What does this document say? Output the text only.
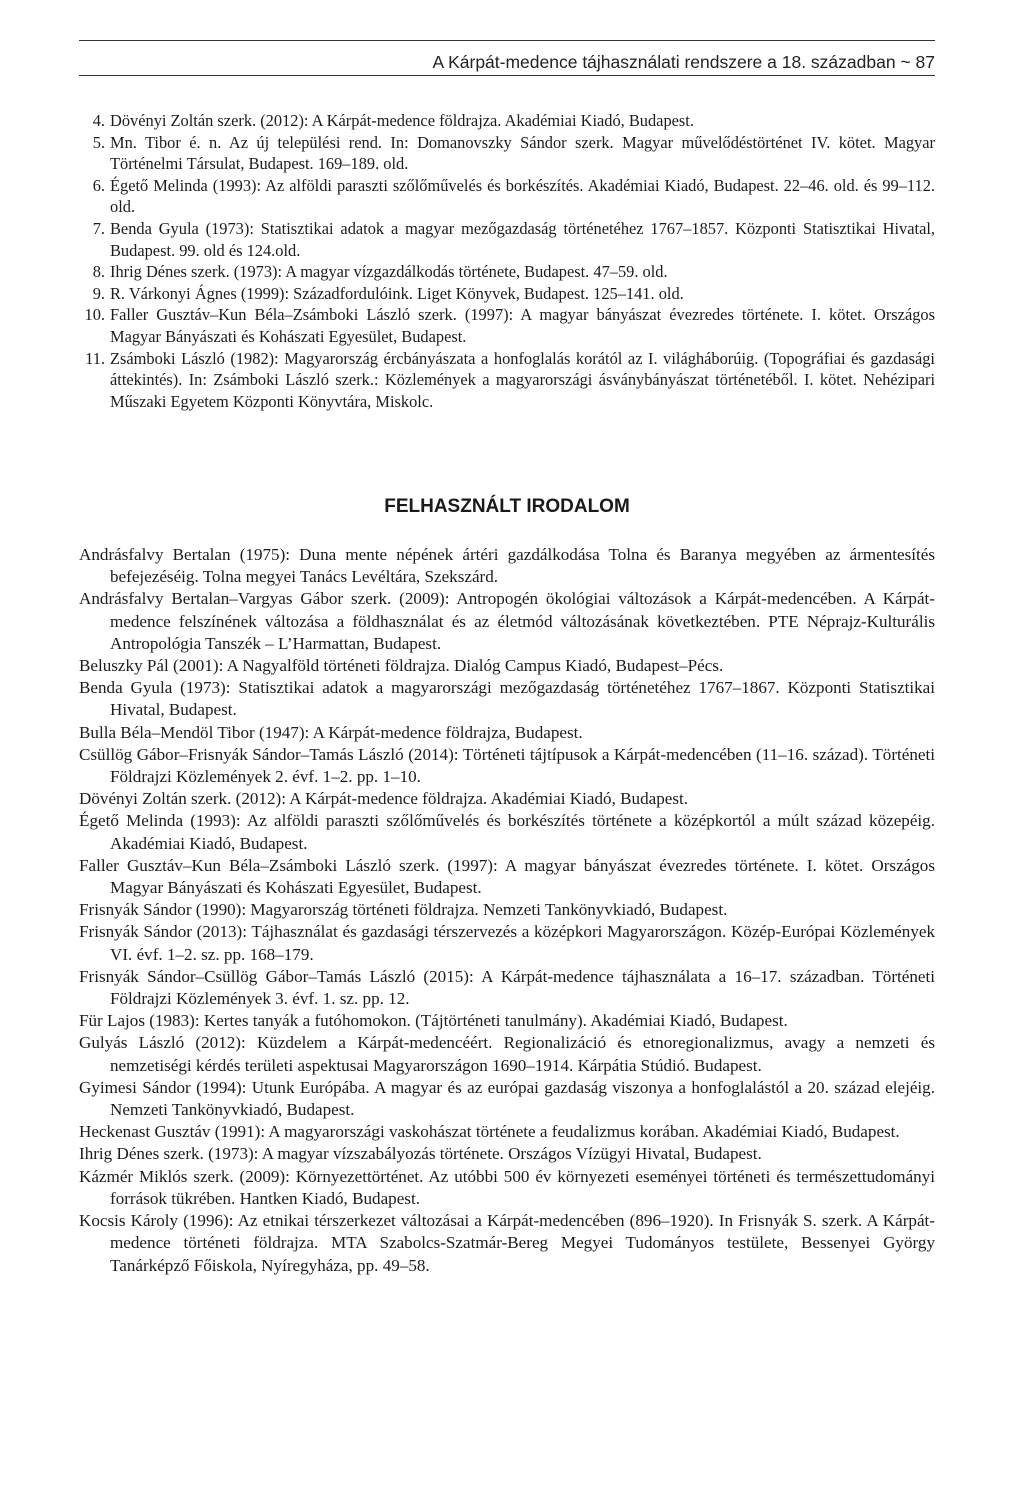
A Kárpát-medence tájhasználati rendszere a 18. században ~ 87
4. Dövényi Zoltán szerk. (2012): A Kárpát-medence földrajza. Akadémiai Kiadó, Budapest.
5. Mn. Tibor é. n. Az új települési rend. In: Domanovszky Sándor szerk. Magyar művelődéstörténet IV. kötet. Magyar Történelmi Társulat, Budapest. 169–189. old.
6. Égető Melinda (1993): Az alföldi paraszti szőlőművelés és borkészítés. Akadémiai Kiadó, Budapest. 22–46. old. és 99–112. old.
7. Benda Gyula (1973): Statisztikai adatok a magyar mezőgazdaság történetéhez 1767–1857. Központi Statisztikai Hivatal, Budapest. 99. old és 124.old.
8. Ihrig Dénes szerk. (1973): A magyar vízgazdálkodás története, Budapest. 47–59. old.
9. R. Várkonyi Ágnes (1999): Századfordulóink. Liget Könyvek, Budapest. 125–141. old.
10. Faller Gusztáv–Kun Béla–Zsámboki László szerk. (1997): A magyar bányászat évezredes története. I. kötet. Országos Magyar Bányászati és Kohászati Egyesület, Budapest.
11. Zsámboki László (1982): Magyarország ércbányászata a honfoglalás korától az I. világháborúig. (Topográfiai és gazdasági áttekintés). In: Zsámboki László szerk.: Közlemények a magyarországi ásványbányászat történetéből. I. kötet. Nehézipari Műszaki Egyetem Központi Könyvtára, Miskolc.
FELHASZNÁLT IRODALOM
Andrásfalvy Bertalan (1975): Duna mente népének ártéri gazdálkodása Tolna és Baranya megyében az ármentesítés befejezéséig. Tolna megyei Tanács Levéltára, Szekszárd.
Andrásfalvy Bertalan–Vargyas Gábor szerk. (2009): Antropogén ökológiai változások a Kárpát-medencében. A Kárpát-medence felszínének változása a földhasználat és az életmód változásának következtében. PTE Néprajz-Kulturális Antropológia Tanszék – L’Harmattan, Budapest.
Beluszky Pál (2001): A Nagyalföld történeti földrajza. Dialóg Campus Kiadó, Budapest–Pécs.
Benda Gyula (1973): Statisztikai adatok a magyarországi mezőgazdaság történetéhez 1767–1867. Központi Statisztikai Hivatal, Budapest.
Bulla Béla–Mendöl Tibor (1947): A Kárpát-medence földrajza, Budapest.
Csüllög Gábor–Frisnyák Sándor–Tamás László (2014): Történeti tájtípusok a Kárpát-medencében (11–16. század). Történeti Földrajzi Közlemények 2. évf. 1–2. pp. 1–10.
Dövényi Zoltán szerk. (2012): A Kárpát-medence földrajza. Akadémiai Kiadó, Budapest.
Égető Melinda (1993): Az alföldi paraszti szőlőművelés és borkészítés története a középkortól a múlt század közepéig. Akadémiai Kiadó, Budapest.
Faller Gusztáv–Kun Béla–Zsámboki László szerk. (1997): A magyar bányászat évezredes története. I. kötet. Országos Magyar Bányászati és Kohászati Egyesület, Budapest.
Frisnyák Sándor (1990): Magyarország történeti földrajza. Nemzeti Tankönyvkiadó, Budapest.
Frisnyák Sándor (2013): Tájhasználat és gazdasági térszervezés a középkori Magyarországon. Közép-Európai Közlemények VI. évf. 1–2. sz. pp. 168–179.
Frisnyák Sándor–Csüllög Gábor–Tamás László (2015): A Kárpát-medence tájhasználata a 16–17. században. Történeti Földrajzi Közlemények 3. évf. 1. sz. pp. 12.
Für Lajos (1983): Kertes tanyák a futóhomokon. (Tájtörténeti tanulmány). Akadémiai Kiadó, Budapest.
Gulyás László (2012): Küzdelem a Kárpát-medencéért. Regionalizáció és etnoregionalizmus, avagy a nemzeti és nemzetiségi kérdés területi aspektusai Magyarországon 1690–1914. Kárpátia Stúdió. Budapest.
Gyimesi Sándor (1994): Utunk Európába. A magyar és az európai gazdaság viszonya a honfoglalástól a 20. század elejéig. Nemzeti Tankönyvkiadó, Budapest.
Heckenast Gusztáv (1991): A magyarországi vaskohászat története a feudalizmus korában. Akadémiai Kiadó, Budapest.
Ihrig Dénes szerk. (1973): A magyar vízszabályozás története. Országos Vízügyi Hivatal, Budapest.
Kázmér Miklós szerk. (2009): Környezettörténet. Az utóbbi 500 év környezeti eseményei történeti és természettudományi források tükrében. Hantken Kiadó, Budapest.
Kocsis Károly (1996): Az etnikai térszerkezet változásai a Kárpát-medencében (896–1920). In Frisnyák S. szerk. A Kárpát-medence történeti földrajza. MTA Szabolcs-Szatmár-Bereg Megyei Tudományos testülete, Bessenyei György Tanárképző Főiskola, Nyíregyháza, pp. 49–58.
